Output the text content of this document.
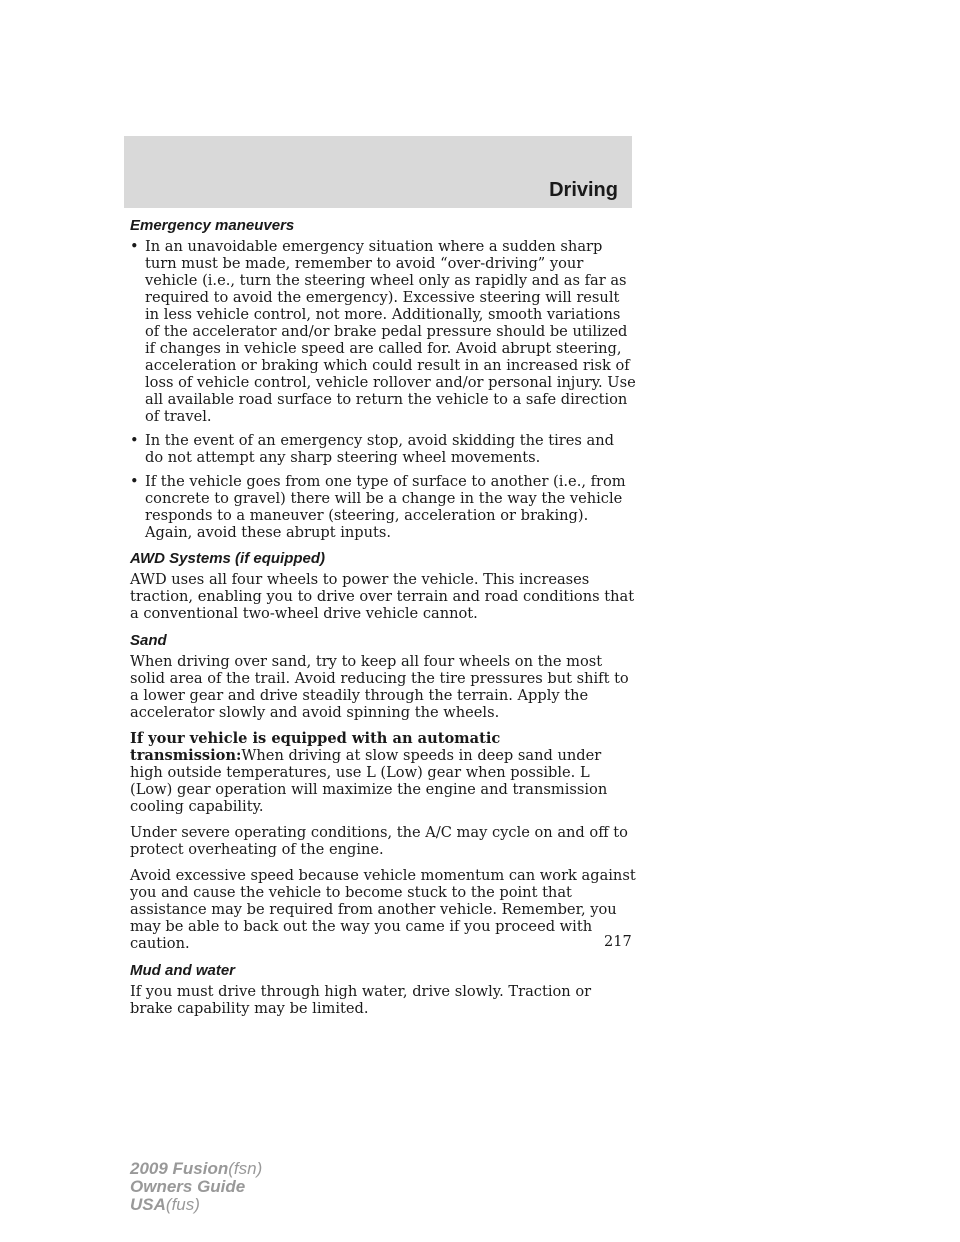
Driving
Emergency maneuvers
• In an unavoidable emergency situation where a sudden sharp turn must be made, remember to avoid “over-driving” your vehicle (i.e., turn the steering wheel only as rapidly and as far as required to avoid the emergency). Excessive steering will result in less vehicle control, not more. Additionally, smooth variations of the accelerator and/or brake pedal pressure should be utilized if changes in vehicle speed are called for. Avoid abrupt steering, acceleration or braking which could result in an increased risk of loss of vehicle control, vehicle rollover and/or personal injury. Use all available road surface to return the vehicle to a safe direction of travel.
• In the event of an emergency stop, avoid skidding the tires and do not attempt any sharp steering wheel movements.
• If the vehicle goes from one type of surface to another (i.e., from concrete to gravel) there will be a change in the way the vehicle responds to a maneuver (steering, acceleration or braking). Again, avoid these abrupt inputs.
AWD Systems (if equipped)

AWD uses all four wheels to power the vehicle. This increases traction, enabling you to drive over terrain and road conditions that a conventional two-wheel drive vehicle cannot.

Sand

When driving over sand, try to keep all four wheels on the most solid area of the trail. Avoid reducing the tire pressures but shift to a lower gear and drive steadily through the terrain. Apply the accelerator slowly and avoid spinning the wheels.

If your vehicle is equipped with an automatic transmission:When driving at slow speeds in deep sand under high outside temperatures, use L (Low) gear when possible. L (Low) gear operation will maximize the engine and transmission cooling capability.

Under severe operating conditions, the A/C may cycle on and off to protect overheating of the engine.

Avoid excessive speed because vehicle momentum can work against you and cause the vehicle to become stuck to the point that assistance may be required from another vehicle. Remember, you may be able to back out the way you came if you proceed with caution.

Mud and water

If you must drive through high water, drive slowly. Traction or brake capability may be limited.

217
2009 Fusion(fsn)
Owners Guide
USA(fus)
